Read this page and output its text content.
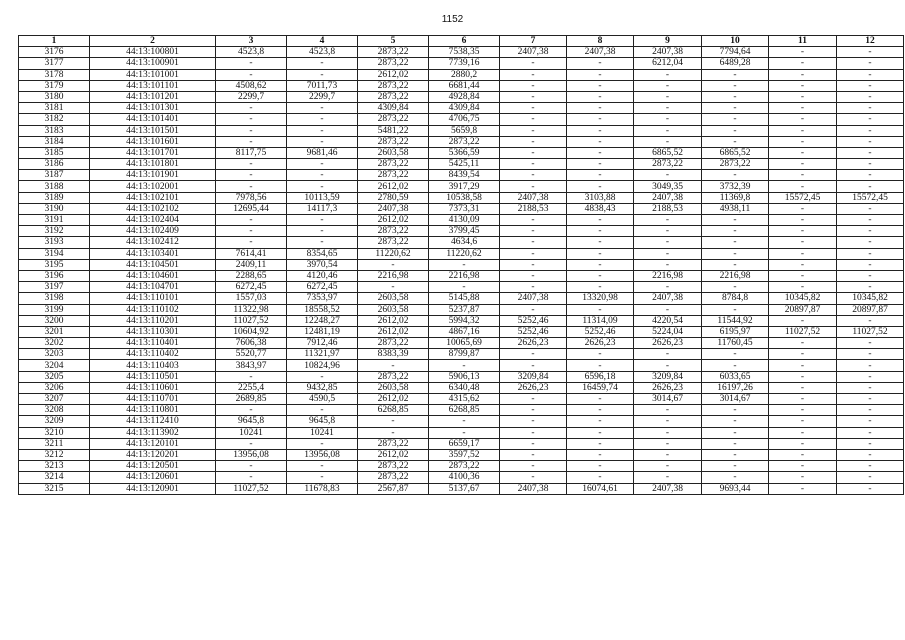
1152
1	2	3	4	5	6	7	8	9	10	11	12
3176	44:13:100801	4523,8	4523,8	2873,22	7538,35	2407,38	2407,38	2407,38	7794,64	-	-
3177	44:13:100901	-	-	2873,22	7739,16	-	-	6212,04	6489,28	-	-
3178	44:13:101001	-	-	2612,02	2880,2	-	-	-	-	-	-
3179	44:13:101101	4508,62	7011,73	2873,22	6681,44	-	-	-	-	-	-
3180	44:13:101201	2299,7	2299,7	2873,22	4928,84	-	-	-	-	-	-
3181	44:13:101301	-	-	4309,84	4309,84	-	-	-	-	-	-
3182	44:13:101401	-	-	2873,22	4706,75	-	-	-	-	-	-
3183	44:13:101501	-	-	5481,22	5659,8	-	-	-	-	-	-
3184	44:13:101601	-	-	2873,22	2873,22	-	-	-	-	-	-
3185	44:13:101701	8117,75	9681,46	2603,58	5366,59	-	-	6865,52	6865,52	-	-
3186	44:13:101801	-	-	2873,22	5425,11	-	-	2873,22	2873,22	-	-
3187	44:13:101901	-	-	2873,22	8439,54	-	-	-	-	-	-
3188	44:13:102001	-	-	2612,02	3917,29	-	-	3049,35	3732,39	-	-
3189	44:13:102101	7978,56	10113,59	2780,59	10538,58	2407,38	3103,88	2407,38	11369,8	15572,45	15572,45
3190	44:13:102102	12695,44	14117,3	2407,38	7373,31	2188,53	4838,43	2188,53	4938,11	-	-
3191	44:13:102404	-	-	2612,02	4130,09	-	-	-	-	-	-
3192	44:13:102409	-	-	2873,22	3799,45	-	-	-	-	-	-
3193	44:13:102412	-	-	2873,22	4634,6	-	-	-	-	-	-
3194	44:13:103401	7614,41	8354,65	11220,62	11220,62	-	-	-	-	-	-
3195	44:13:104501	2409,11	3970,54	-	-	-	-	-	-	-	-
3196	44:13:104601	2288,65	4120,46	2216,98	2216,98	-	-	2216,98	2216,98	-	-
3197	44:13:104701	6272,45	6272,45	-	-	-	-	-	-	-	-
3198	44:13:110101	1557,03	7353,97	2603,58	5145,88	2407,38	13320,98	2407,38	8784,8	10345,82	10345,82
3199	44:13:110102	11322,98	18558,52	2603,58	5237,87	-	-	-	-	20897,87	20897,87
3200	44:13:110201	11027,52	12248,27	2612,02	5994,32	5252,46	11314,09	4220,54	11544,92	-	-
3201	44:13:110301	10604,92	12481,19	2612,02	4867,16	5252,46	5252,46	5224,04	6195,97	11027,52	11027,52
3202	44:13:110401	7606,38	7912,46	2873,22	10065,69	2626,23	2626,23	2626,23	11760,45	-	-
3203	44:13:110402	5520,77	11321,97	8383,39	8799,87	-	-	-	-	-	-
3204	44:13:110403	3843,97	10824,96	-	-	-	-	-	-	-	-
3205	44:13:110501	-	-	2873,22	5906,13	3209,84	6596,18	3209,84	6033,65	-	-
3206	44:13:110601	2255,4	9432,85	2603,58	6340,48	2626,23	16459,74	2626,23	16197,26	-	-
3207	44:13:110701	2689,85	4590,5	2612,02	4315,62	-	-	3014,67	3014,67	-	-
3208	44:13:110801	-	-	6268,85	6268,85	-	-	-	-	-	-
3209	44:13:112410	9645,8	9645,8	-	-	-	-	-	-	-	-
3210	44:13:113902	10241	10241	-	-	-	-	-	-	-	-
3211	44:13:120101	-	-	2873,22	6659,17	-	-	-	-	-	-
3212	44:13:120201	13956,08	13956,08	2612,02	3597,52	-	-	-	-	-	-
3213	44:13:120501	-	-	2873,22	2873,22	-	-	-	-	-	-
3214	44:13:120601	-	-	2873,22	4100,36	-	-	-	-	-	-
3215	44:13:120901	11027,52	11678,83	2567,87	5137,67	2407,38	16074,61	2407,38	9693,44	-	-
